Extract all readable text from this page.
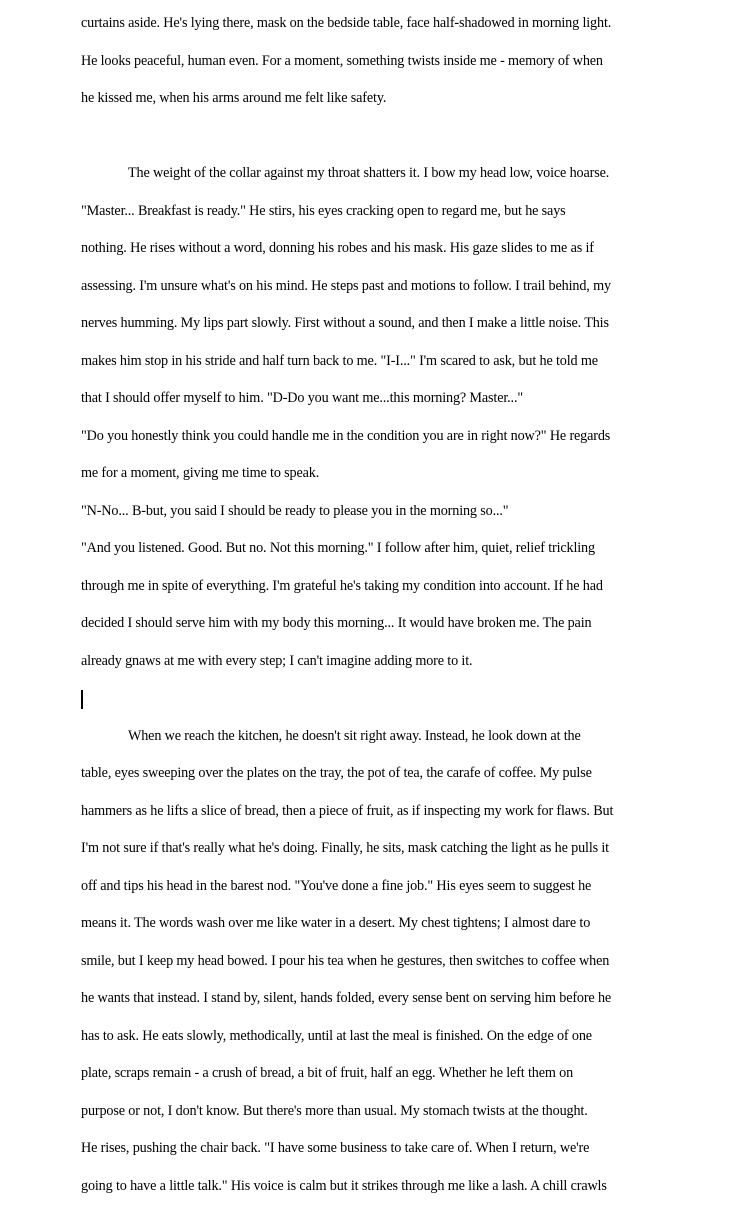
curtains aside. He's lying there, mask on the bedside table, face half-shadowed in morning light.
He looks peaceful, human even. For a moment, something twists inside me - memory of when
he kissed me, when his arms around me felt like safety.
The weight of the collar against my throat shatters it. I bow my head low, voice hoarse.
"Master... Breakfast is ready." He stirs, his eyes cracking open to regard me, but he says
nothing. He rises without a word, donning his robes and his mask. His gaze slides to me as if
assessing. I'm unsure what's on his mind. He steps past and motions to follow. I trail behind, my
nerves humming. My lips part slowly. First without a sound, and then I make a little noise. This
makes him stop in his stride and half turn back to me. "I-I..." I'm scared to ask, but he told me
that I should offer myself to him. "D-Do you want me...this morning? Master..."
"Do you honestly think you could handle me in the condition you are in right now?" He regards
me for a moment, giving me time to speak.
"N-No... B-but, you said I should be ready to please you in the morning so..."
"And you listened. Good. But no. Not this morning." I follow after him, quiet, relief trickling
through me in spite of everything. I'm grateful he's taking my condition into account. If he had
decided I should serve him with my body this morning... It would have broken me. The pain
already gnaws at me with every step; I can't imagine adding more to it.
When we reach the kitchen, he doesn't sit right away. Instead, he look down at the
table, eyes sweeping over the plates on the tray, the pot of tea, the carafe of coffee. My pulse
hammers as he lifts a slice of bread, then a piece of fruit, as if inspecting my work for flaws. But
I'm not sure if that's really what he's doing. Finally, he sits, mask catching the light as he pulls it
off and tips his head in the barest nod. "You've done a fine job." His eyes seem to suggest he
means it. The words wash over me like water in a desert. My chest tightens; I almost dare to
smile, but I keep my head bowed. I pour his tea when he gestures, then switches to coffee when
he wants that instead. I stand by, silent, hands folded, every sense bent on serving him before he
has to ask. He eats slowly, methodically, until at last the meal is finished. On the edge of one
plate, scraps remain - a crush of bread, a bit of fruit, half an egg. Whether he left them on
purpose or not, I don't know. But there's more than usual. My stomach twists at the thought.
He rises, pushing the chair back. "I have some business to take care of. When I return, we're
going to have a little talk." His voice is calm but it strikes through me like a lash. A chill crawls
